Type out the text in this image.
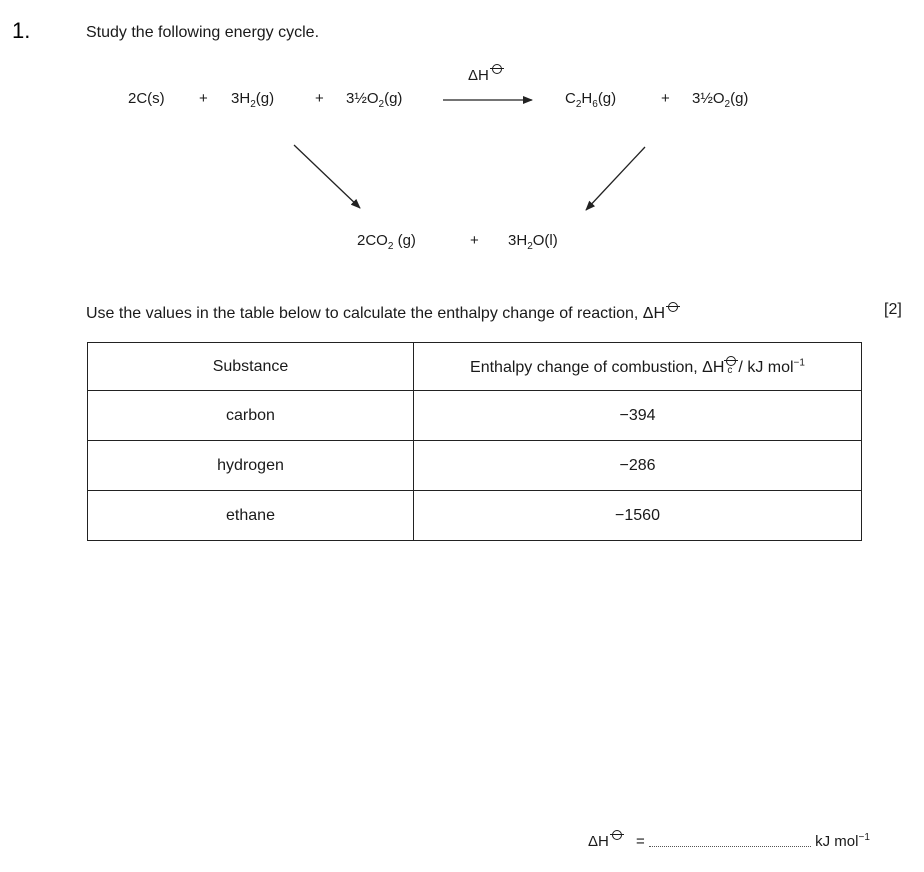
1.	Study the following energy cycle.
$2C(s) + 3H_2(g)$	+ $3\frac{1}{2}O_2(g)$
ΔH
$C_2H_6(g)$	+ $3\frac{1}{2}O_2(g)$
$2CO_2$ (g)	+ $3H_2O(l)$
Use the values in the table below to calculate the enthalpy change of reaction, ΔH	[2]
Substance	Enthalpy change of combustion, ΔH c / kJ mol$^{-1}$
carbon	−394
hydrogen	−286
ethane	−1560
ΔH =	kJ mol$^{-1}$
